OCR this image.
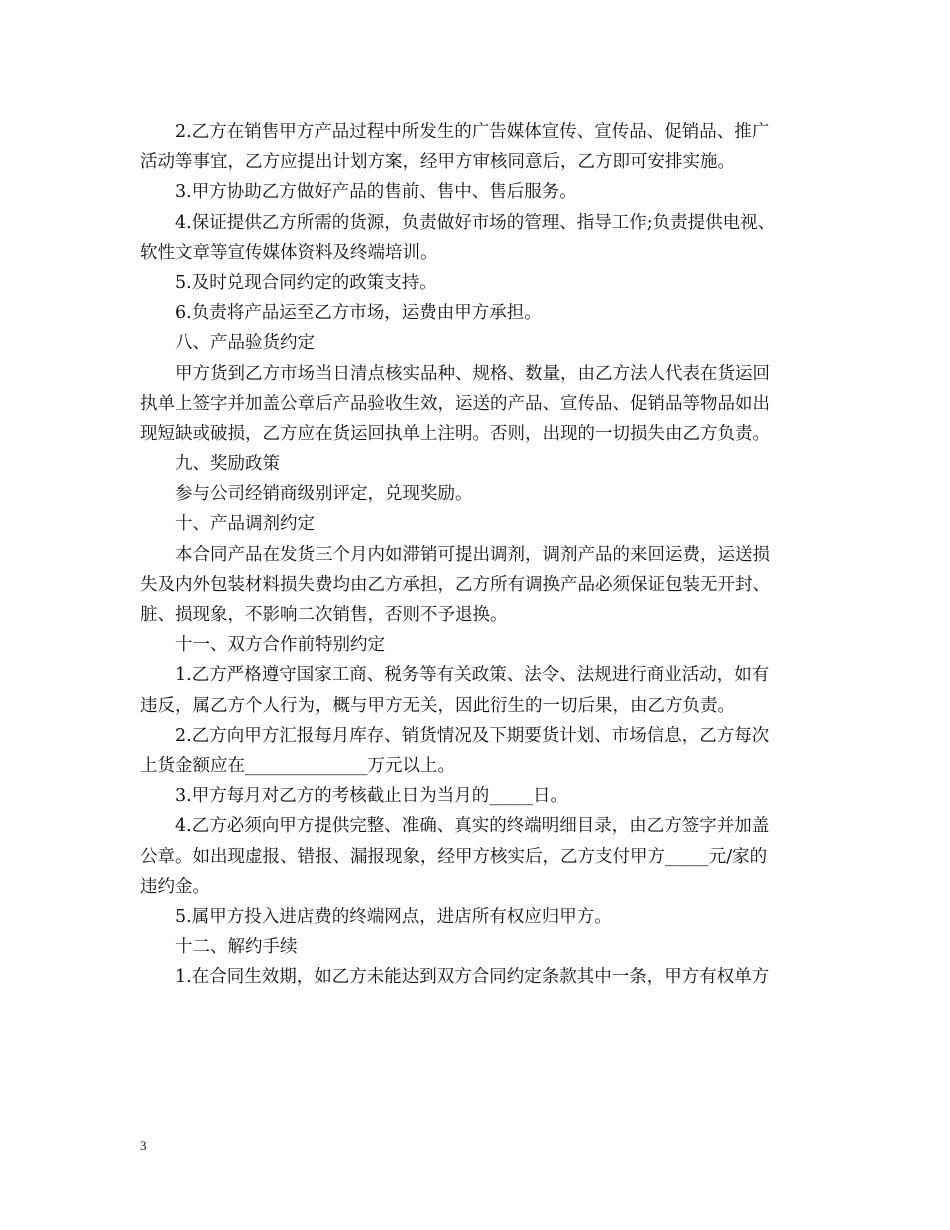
2.乙方在销售甲方产品过程中所发生的广告媒体宣传、宣传品、促销品、推广
活动等事宜，乙方应提出计划方案，经甲方审核同意后，乙方即可安排实施。
3.甲方协助乙方做好产品的售前、售中、售后服务。
4.保证提供乙方所需的货源，负责做好市场的管理、指导工作;负责提供电视、
软性文章等宣传媒体资料及终端培训。
5.及时兑现合同约定的政策支持。
6.负责将产品运至乙方市场，运费由甲方承担。
八、产品验货约定
甲方货到乙方市场当日清点核实品种、规格、数量，由乙方法人代表在货运回
执单上签字并加盖公章后产品验收生效，运送的产品、宣传品、促销品等物品如出
现短缺或破损，乙方应在货运回执单上注明。否则，出现的一切损失由乙方负责。
九、奖励政策
参与公司经销商级别评定，兑现奖励。
十、产品调剂约定
本合同产品在发货三个月内如滞销可提出调剂，调剂产品的来回运费，运送损
失及内外包装材料损失费均由乙方承担，乙方所有调换产品必须保证包装无开封、
脏、损现象，不影响二次销售，否则不予退换。
十一、双方合作前特别约定
1.乙方严格遵守国家工商、税务等有关政策、法令、法规进行商业活动，如有
违反，属乙方个人行为，概与甲方无关，因此衍生的一切后果，由乙方负责。
2.乙方向甲方汇报每月库存、销货情况及下期要货计划、市场信息，乙方每次
上货金额应在______________万元以上。
3.甲方每月对乙方的考核截止日为当月的_____日。
4.乙方必须向甲方提供完整、准确、真实的终端明细目录，由乙方签字并加盖
公章。如出现虚报、错报、漏报现象，经甲方核实后，乙方支付甲方_____元/家的
违约金。
5.属甲方投入进店费的终端网点，进店所有权应归甲方。
十二、解约手续
1.在合同生效期，如乙方未能达到双方合同约定条款其中一条，甲方有权单方
3
